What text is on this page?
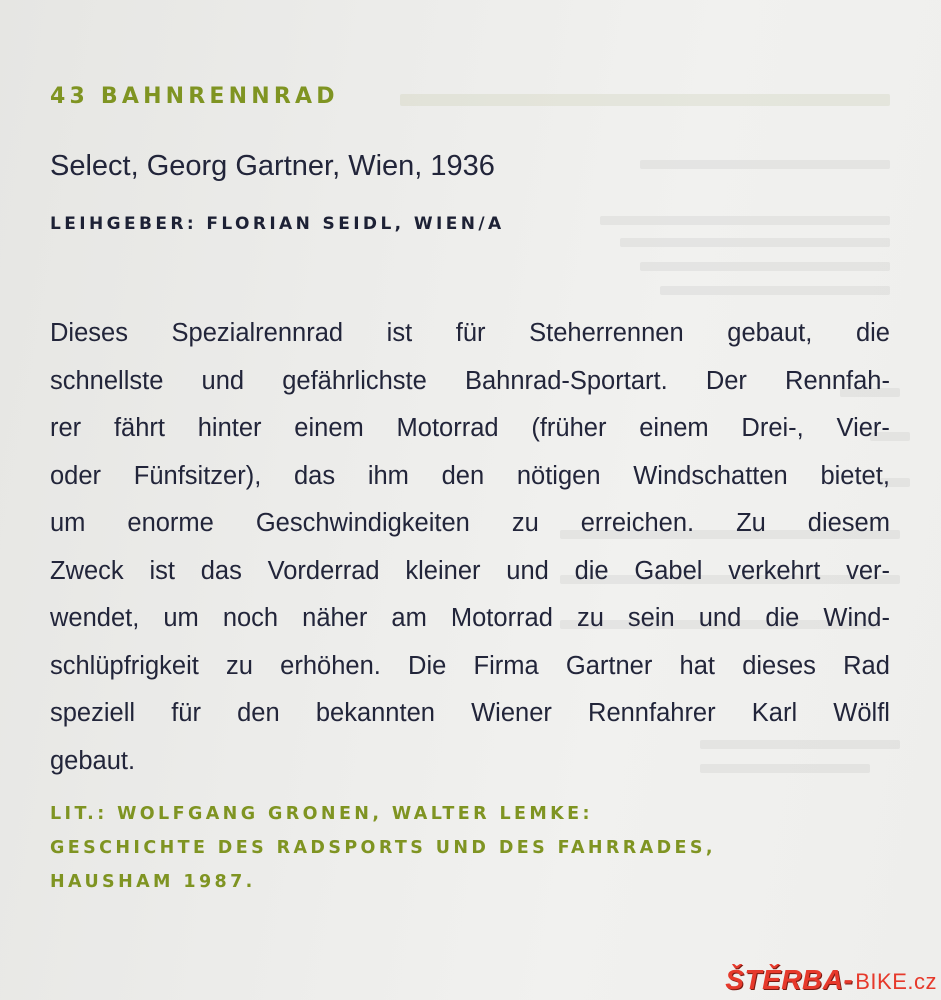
43 BAHNRENNRAD
Select, Georg Gartner, Wien, 1936
LEIHGEBER: FLORIAN SEIDL, WIEN/A
Dieses Spezialrennrad ist für Steherrennen gebaut, die
schnellste und gefährlichste Bahnrad-Sportart. Der Rennfah-
rer fährt hinter einem Motorrad (früher einem Drei-, Vier-
oder Fünfsitzer), das ihm den nötigen Windschatten bietet,
um enorme Geschwindigkeiten zu erreichen. Zu diesem
Zweck ist das Vorderrad kleiner und die Gabel verkehrt ver-
wendet, um noch näher am Motorrad zu sein und die Wind-
schlüpfrigkeit zu erhöhen. Die Firma Gartner hat dieses Rad
speziell für den bekannten Wiener Rennfahrer Karl Wölfl
gebaut.
LIT.: WOLFGANG GRONEN, WALTER LEMKE:
GESCHICHTE DES RADSPORTS UND DES FAHRRADES,
HAUSHAM 1987.
ŠTĚRBA-BIKE.cz
